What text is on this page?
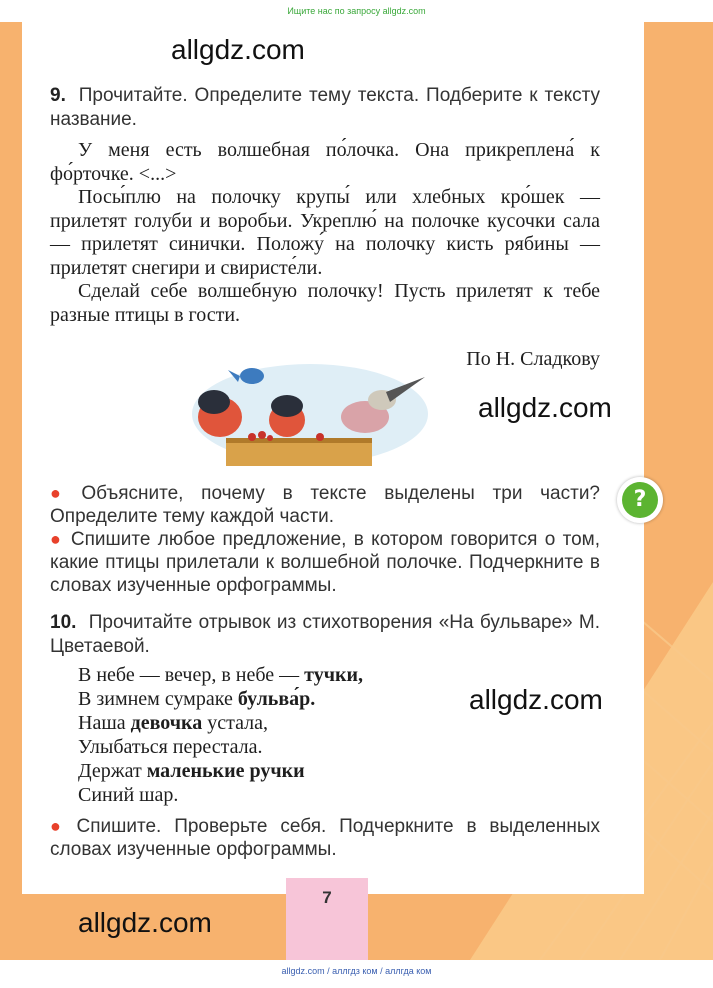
Ищите нас по запросу allgdz.com
allgdz.com
allgdz.com
allgdz.com
allgdz.com
9. Прочитайте. Определите тему текста. Подберите к тексту название.

У меня есть волшебная по́лочка. Она прикреплена́ к фо́рточке. <...>

Посы́плю на полочку крупы́ или хлебных кро́шек — прилетят голуби и воробьи. Укреплю́ на полочке кусочки сала — прилетят синички. Положу́ на полочку кисть рябины — прилетят снегири и свиристе́ли.

Сделай себе волшебную полочку! Пусть прилетят к тебе разные птицы в гости.

По Н. Сладкову

● Объясните, почему в тексте выделены три части? Определите тему каждой части.

● Спишите любое предложение, в котором говорится о том, какие птицы прилетали к волшебной полочке. Подчеркните в словах изученные орфограммы.

?
10. Прочитайте отрывок из стихотворения «На бульваре» М. Цветаевой.
В небе — вечер, в небе — тучки,
В зимнем сумраке бульва́р.
Наша девочка устала,
Улыбаться перестала.
Держат маленькие ручки
Синий шар.

● Спишите. Проверьте себя. Подчеркните в выделенных словах изученные орфограммы.

7
allgdz.com / аллгдз ком / аллгда ком
